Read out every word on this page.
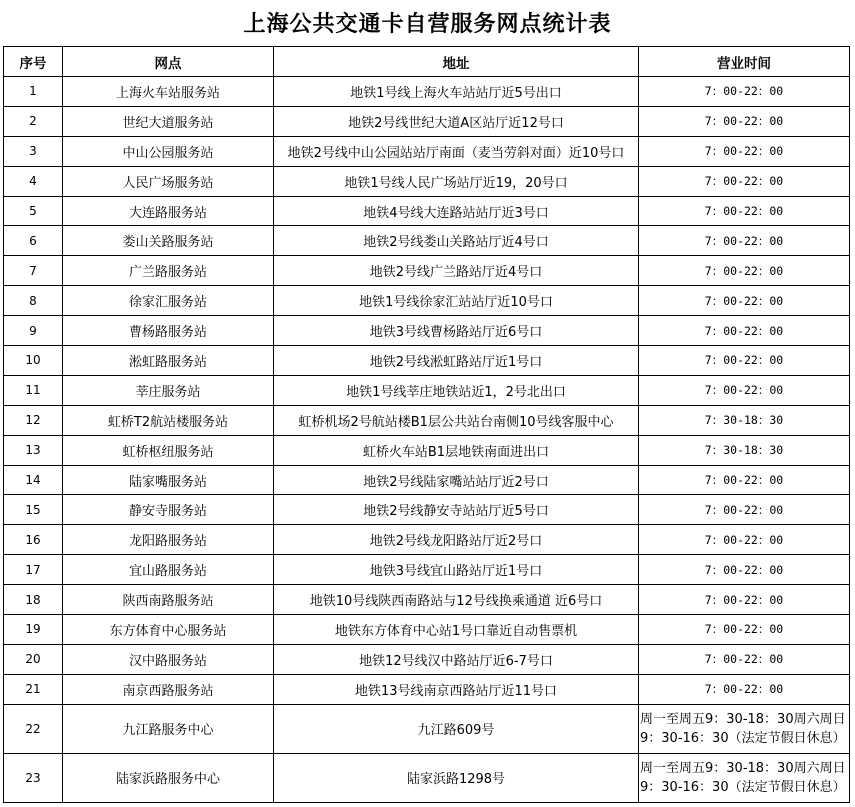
上海公共交通卡自营服务网点统计表
序号	网点	地址	营业时间
1	上海火车站服务站	地铁1号线上海火车站站厅近5号出口	7：00-22：00
2	世纪大道服务站	地铁2号线世纪大道A区站厅近12号口	7：00-22：00
3	中山公园服务站	地铁2号线中山公园站站厅南面（麦当劳斜对面）近10号口	7：00-22：00
4	人民广场服务站	地铁1号线人民广场站厅近19，20号口	7：00-22：00
5	大连路服务站	地铁4号线大连路站站厅近3号口	7：00-22：00
6	娄山关路服务站	地铁2号线娄山关路站厅近4号口	7：00-22：00
7	广兰路服务站	地铁2号线广兰路站厅近4号口	7：00-22：00
8	徐家汇服务站	地铁1号线徐家汇站站厅近10号口	7：00-22：00
9	曹杨路服务站	地铁3号线曹杨路站厅近6号口	7：00-22：00
10	淞虹路服务站	地铁2号线淞虹路站厅近1号口	7：00-22：00
11	莘庄服务站	地铁1号线莘庄地铁站近1，2号北出口	7：00-22：00
12	虹桥T2航站楼服务站	虹桥机场2号航站楼B1层公共站台南侧10号线客服中心	7：30-18：30
13	虹桥枢纽服务站	虹桥火车站B1层地铁南面进出口	7：30-18：30
14	陆家嘴服务站	地铁2号线陆家嘴站站厅近2号口	7：00-22：00
15	静安寺服务站	地铁2号线静安寺站站厅近5号口	7：00-22：00
16	龙阳路服务站	地铁2号线龙阳路站厅近2号口	7：00-22：00
17	宜山路服务站	地铁3号线宜山路站厅近1号口	7：00-22：00
18	陕西南路服务站	地铁10号线陕西南路站与12号线换乘通道 近6号口	7：00-22：00
19	东方体育中心服务站	地铁东方体育中心站1号口靠近自动售票机	7：00-22：00
20	汉中路服务站	地铁12号线汉中路站厅近6-7号口	7：00-22：00
21	南京西路服务站	地铁13号线南京西路站厅近11号口	7：00-22：00
22	九江路服务中心	九江路609号	周一至周五9：30-18：30周六周日9：30-16：30（法定节假日休息）
23	陆家浜路服务中心	陆家浜路1298号	周一至周五9：30-18：30周六周日9：30-16：30（法定节假日休息）
